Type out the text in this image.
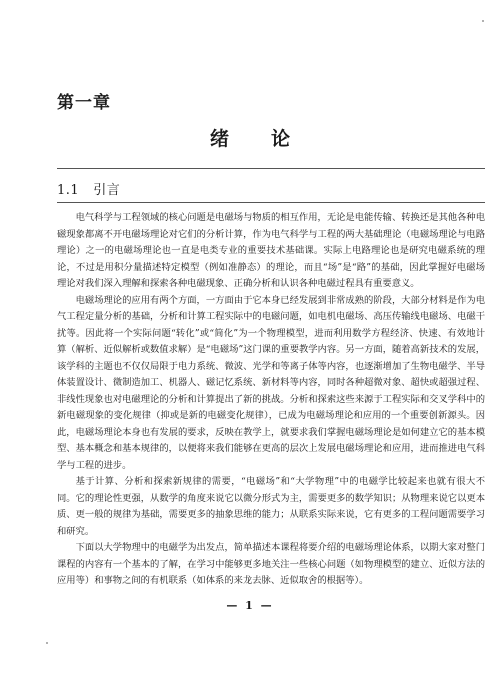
第一章
绪论
1.1 引言

电气科学与工程领域的核心问题是电磁场与物质的相互作用，无论是电能传输、转换还是其他各种电磁现象都离不开电磁场理论对它们的分析计算，作为电气科学与工程的两大基础理论（电磁场理论与电路理论）之一的电磁场理论也一直是电类专业的重要技术基础课。实际上电路理论也是研究电磁系统的理论，不过是用积分量描述特定模型（例如准静态）的理论，而且“场”是“路”的基础，因此掌握好电磁场理论对我们深入理解和探索各种电磁现象、正确分析和认识各种电磁过程具有重要意义。

电磁场理论的应用有两个方面，一方面由于它本身已经发展到非常成熟的阶段，大部分材料是作为电气工程定量分析的基础，分析和计算工程实际中的电磁问题，如电机电磁场、高压传输线电磁场、电磁干扰等。因此将一个实际问题“转化”或“简化”为一个物理模型，进而利用数学方程经济、快速、有效地计算（解析、近似解析或数值求解）是“电磁场”这门课的重要教学内容。另一方面，随着高新技术的发展，该学科的主题也不仅仅局限于电力系统、微波、光学和等离子体等内容，也逐渐增加了生物电磁学、半导体装置设计、微制造加工、机器人、磁记忆系统、新材料等内容，同时各种超微对象、超快或超强过程、非线性现象也对电磁理论的分析和计算提出了新的挑战。分析和探索这些来源于工程实际和交叉学科中的新电磁现象的变化规律（抑或是新的电磁变化规律），已成为电磁场理论和应用的一个重要创新源头。因此，电磁场理论本身也有发展的要求，反映在教学上，就要求我们掌握电磁场理论是如何建立它的基本模型、基本概念和基本规律的，以便将来我们能够在更高的层次上发展电磁场理论和应用，进而推进电气科学与工程的进步。

基于计算、分析和探索新规律的需要，“电磁场”和“大学物理”中的电磁学比较起来也就有很大不同。它的理论性更强，从数学的角度来说它以微分形式为主，需要更多的数学知识；从物理来说它以更本质、更一般的规律为基础，需要更多的抽象思维的能力；从联系实际来说，它有更多的工程问题需要学习和研究。

下面以大学物理中的电磁学为出发点，简单描述本课程将要介绍的电磁场理论体系，以期大家对整门课程的内容有一个基本的了解，在学习中能够更多地关注一些核心问题（如物理模型的建立、近似方法的应用等）和事物之间的有机联系（如体系的来龙去脉、近似取舍的根据等）。

— 1 —
